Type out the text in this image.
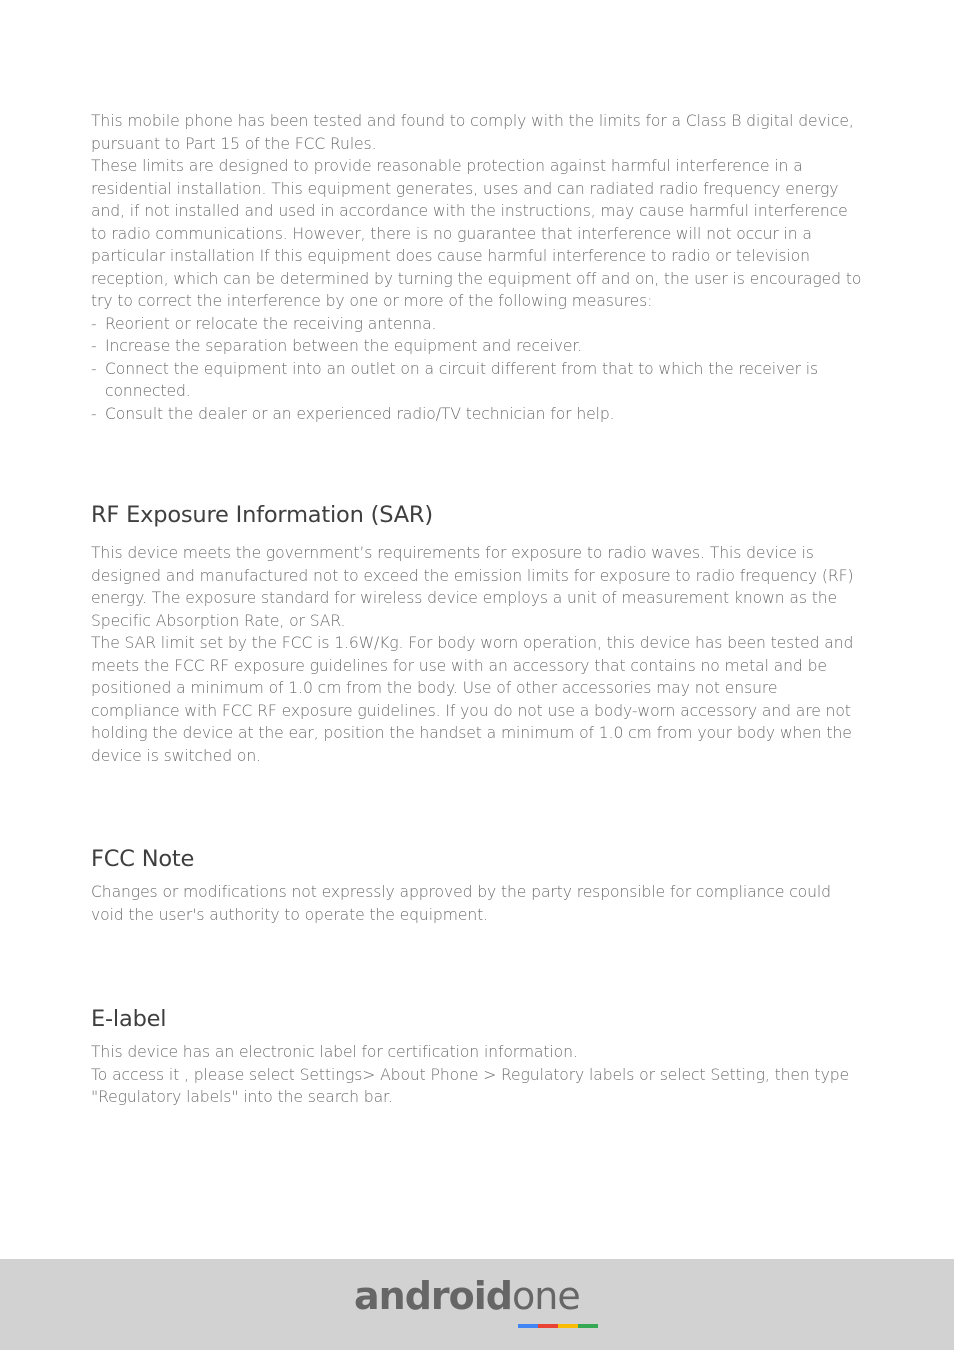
This mobile phone has been tested and found to comply with the limits for a Class B digital device, pursuant to Part 15 of the FCC Rules.

These limits are designed to provide reasonable protection against harmful interference in a residential installation. This equipment generates, uses and can radiated radio frequency energy and, if not installed and used in accordance with the instructions, may cause harmful interference to radio communications. However, there is no guarantee that interference will not occur in a particular installation If this equipment does cause harmful interference to radio or television reception, which can be determined by turning the equipment off and on, the user is encouraged to try to correct the interference by one or more of the following measures:

- Reorient or relocate the receiving antenna.
- Increase the separation between the equipment and receiver.
- Connect the equipment into an outlet on a circuit different from that to which the receiver is connected.
- Consult the dealer or an experienced radio/TV technician for help.
RF Exposure Information (SAR)

This device meets the government’s requirements for exposure to radio waves. This device is designed and manufactured not to exceed the emission limits for exposure to radio frequency (RF) energy. The exposure standard for wireless device employs a unit of measurement known as the Specific Absorption Rate, or SAR.

The SAR limit set by the FCC is 1.6W/Kg. For body worn operation, this device has been tested and meets the FCC RF exposure guidelines for use with an accessory that contains no metal and be positioned a minimum of 1.0 cm from the body. Use of other accessories may not ensure compliance with FCC RF exposure guidelines. If you do not use a body-worn accessory and are not holding the device at the ear, position the handset a minimum of 1.0 cm from your body when the device is switched on.

FCC Note

Changes or modifications not expressly approved by the party responsible for compliance could void the user's authority to operate the equipment.

E-label

This device has an electronic label for certification information.

To access it , please select Settings> About Phone > Regulatory labels or select Setting, then type "Regulatory labels" into the search bar.

androidone
